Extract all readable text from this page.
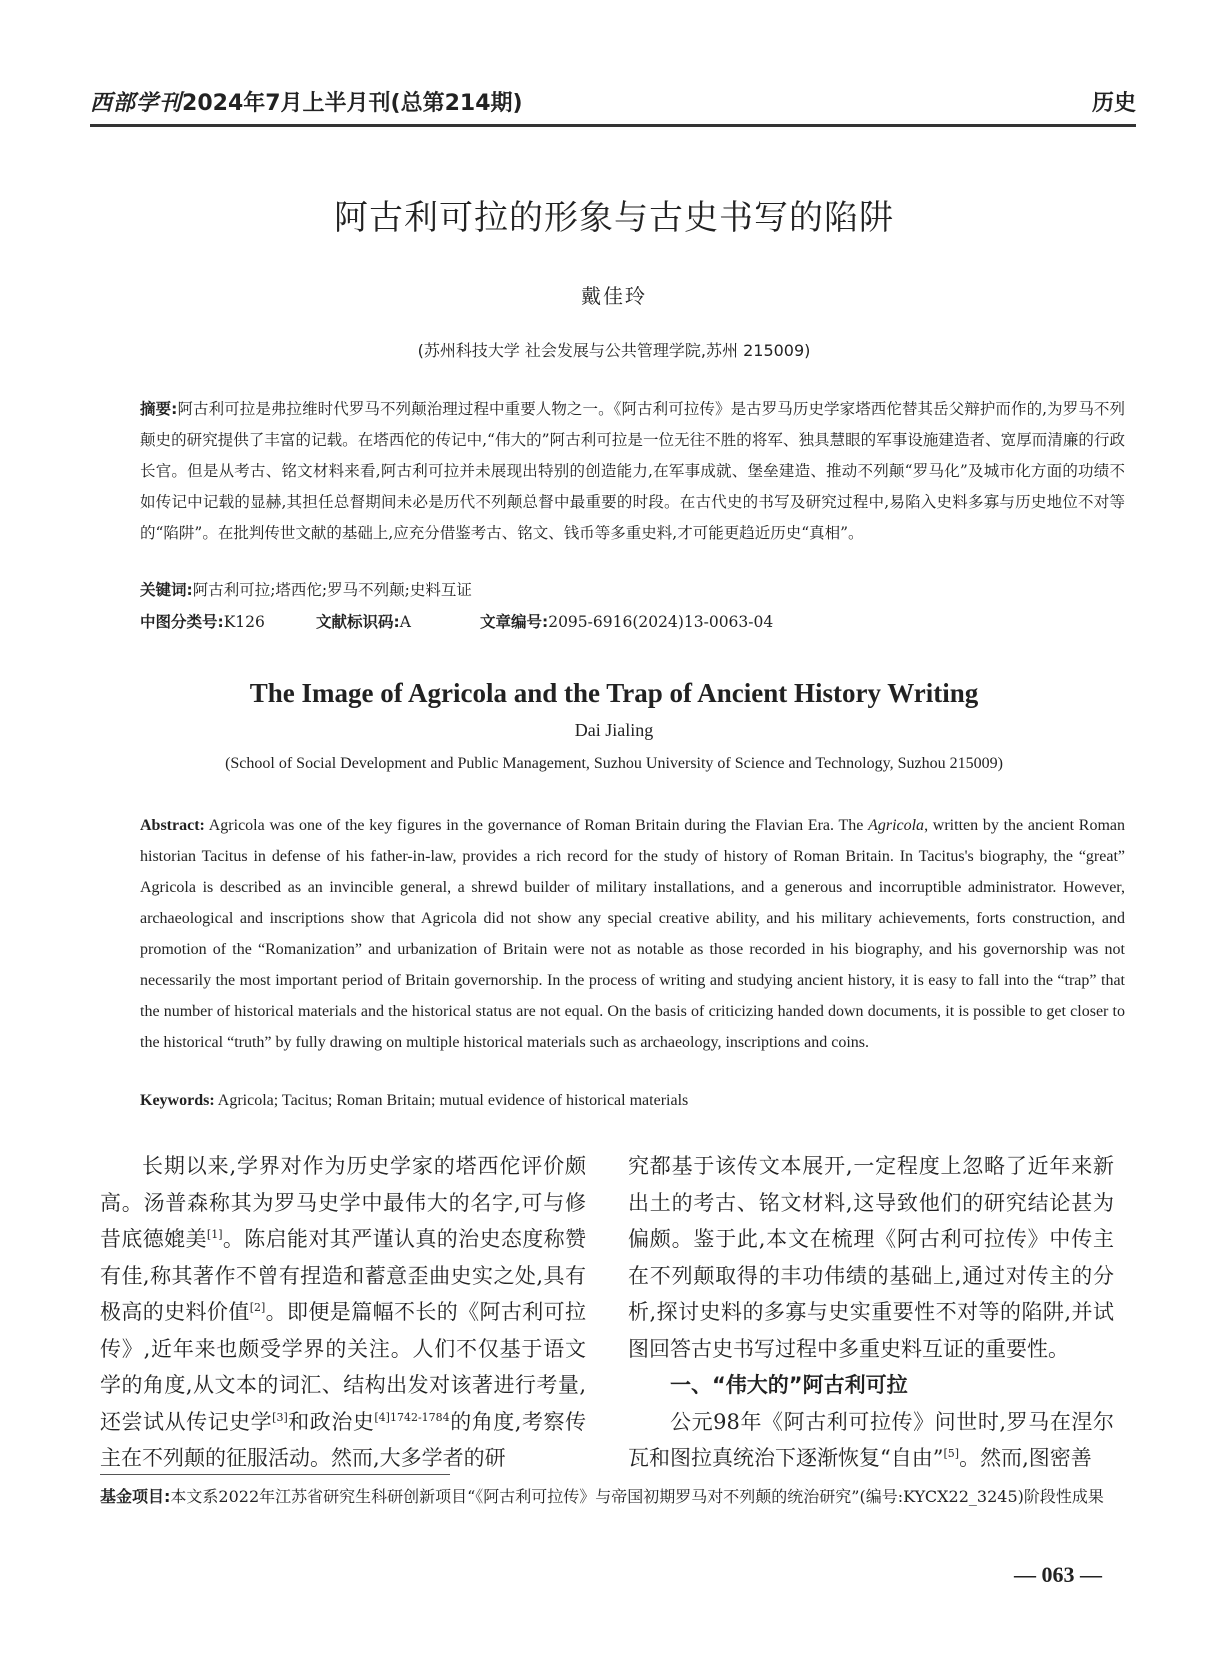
西部学刊2024年7月上半月刊(总第214期)	历史
阿古利可拉的形象与古史书写的陷阱
戴佳玲
(苏州科技大学 社会发展与公共管理学院,苏州 215009)
摘要:阿古利可拉是弗拉维时代罗马不列颠治理过程中重要人物之一。《阿古利可拉传》是古罗马历史学家塔西佗替其岳父辩护而作的,为罗马不列颠史的研究提供了丰富的记载。在塔西佗的传记中,“伟大的”阿古利可拉是一位无往不胜的将军、独具慧眼的军事设施建造者、宽厚而清廉的行政长官。但是从考古、铭文材料来看,阿古利可拉并未展现出特别的创造能力,在军事成就、堡垒建造、推动不列颠“罗马化”及城市化方面的功绩不如传记中记载的显赫,其担任总督期间未必是历代不列颠总督中最重要的时段。在古代史的书写及研究过程中,易陷入史料多寡与历史地位不对等的“陷阱”。在批判传世文献的基础上,应充分借鉴考古、铭文、钱币等多重史料,才可能更趋近历史“真相”。
关键词:阿古利可拉;塔西佗;罗马不列颠;史料互证
中图分类号:K126	文献标识码:A	文章编号:2095-6916(2024)13-0063-04
The Image of Agricola and the Trap of Ancient History Writing
Dai Jialing
(School of Social Development and Public Management, Suzhou University of Science and Technology, Suzhou 215009)
Abstract: Agricola was one of the key figures in the governance of Roman Britain during the Flavian Era. The Agricola, written by the ancient Roman historian Tacitus in defense of his father-in-law, provides a rich record for the study of history of Roman Britain. In Tacitus's biography, the “great” Agricola is described as an invincible general, a shrewd builder of military installations, and a generous and incorruptible administrator. However, archaeological and inscriptions show that Agricola did not show any special creative ability, and his military achievements, forts construction, and promotion of the “Romanization” and urbanization of Britain were not as notable as those recorded in his biography, and his governorship was not necessarily the most important period of Britain governorship. In the process of writing and studying ancient history, it is easy to fall into the “trap” that the number of historical materials and the historical status are not equal. On the basis of criticizing handed down documents, it is possible to get closer to the historical “truth” by fully drawing on multiple historical materials such as archaeology, inscriptions and coins.
Keywords: Agricola; Tacitus; Roman Britain; mutual evidence of historical materials

长期以来,学界对作为历史学家的塔西佗评价颇高。汤普森称其为罗马史学中最伟大的名字,可与修昔底德媲美[1]。陈启能对其严谨认真的治史态度称赞有佳,称其著作不曾有捏造和蓄意歪曲史实之处,具有极高的史料价值[2]。即便是篇幅不长的《阿古利可拉传》,近年来也颇受学界的关注。人们不仅基于语文学的角度,从文本的词汇、结构出发对该著进行考量,还尝试从传记史学[3]和政治史$^{[4]1742-1784}$的角度,考察传主在不列颠的征服活动。然而,大多学者的研

究都基于该传文本展开,一定程度上忽略了近年来新出土的考古、铭文材料,这导致他们的研究结论甚为偏颇。鉴于此,本文在梳理《阿古利可拉传》中传主在不列颠取得的丰功伟绩的基础上,通过对传主的分析,探讨史料的多寡与史实重要性不对等的陷阱,并试图回答古史书写过程中多重史料互证的重要性。

一、“伟大的”阿古利可拉

公元98年《阿古利可拉传》问世时,罗马在涅尔瓦和图拉真统治下逐渐恢复“自由”[5]。然而,图密善

基金项目:本文系2022年江苏省研究生科研创新项目“《阿古利可拉传》与帝国初期罗马对不列颠的统治研究”(编号:KYCX22_3245)阶段性成果
— 063 —
